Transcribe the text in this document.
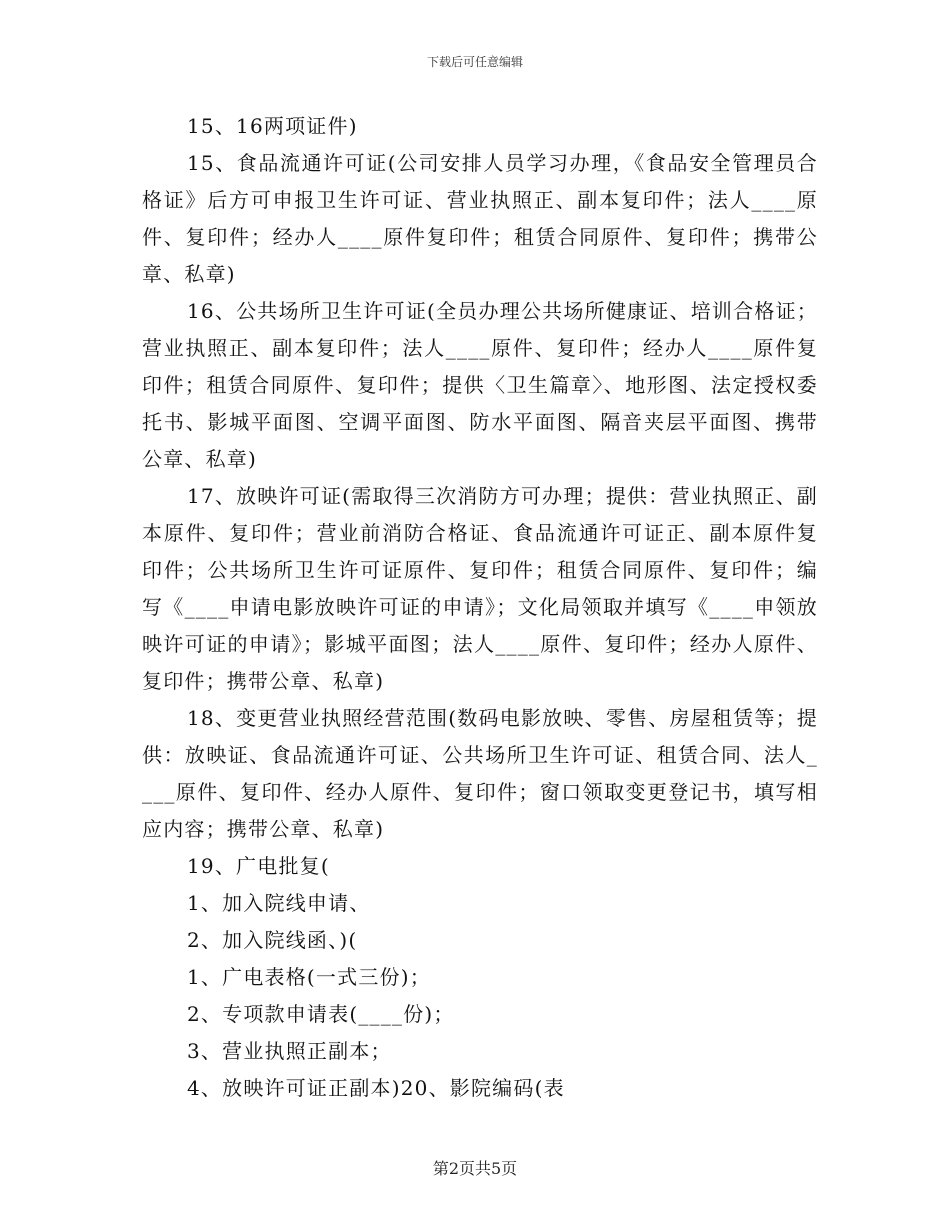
下载后可任意编辑

15、16两项证件)

15、食品流通许可证(公司安排人员学习办理，《食品安全管理员合格证》后方可申报卫生许可证、营业执照正、副本复印件；法人____原件、复印件；经办人____原件复印件；租赁合同原件、复印件；携带公章、私章)

16、公共场所卫生许可证(全员办理公共场所健康证、培训合格证；营业执照正、副本复印件；法人____原件、复印件；经办人____原件复印件；租赁合同原件、复印件；提供〈卫生篇章〉、地形图、法定授权委托书、影城平面图、空调平面图、防水平面图、隔音夹层平面图、携带公章、私章)

17、放映许可证(需取得三次消防方可办理；提供：营业执照正、副本原件、复印件；营业前消防合格证、食品流通许可证正、副本原件复印件；公共场所卫生许可证原件、复印件；租赁合同原件、复印件；编写《____申请电影放映许可证的申请》；文化局领取并填写《____申领放映许可证的申请》；影城平面图；法人____原件、复印件；经办人原件、复印件；携带公章、私章)

18、变更营业执照经营范围(数码电影放映、零售、房屋租赁等；提供：放映证、食品流通许可证、公共场所卫生许可证、租赁合同、法人____原件、复印件、经办人原件、复印件；窗口领取变更登记书，填写相应内容；携带公章、私章)

19、广电批复(

1、加入院线申请、

2、加入院线函、)(

1、广电表格(一式三份)；

2、专项款申请表(____份)；

3、营业执照正副本；

4、放映许可证正副本)20、影院编码(表

第2页共5页
